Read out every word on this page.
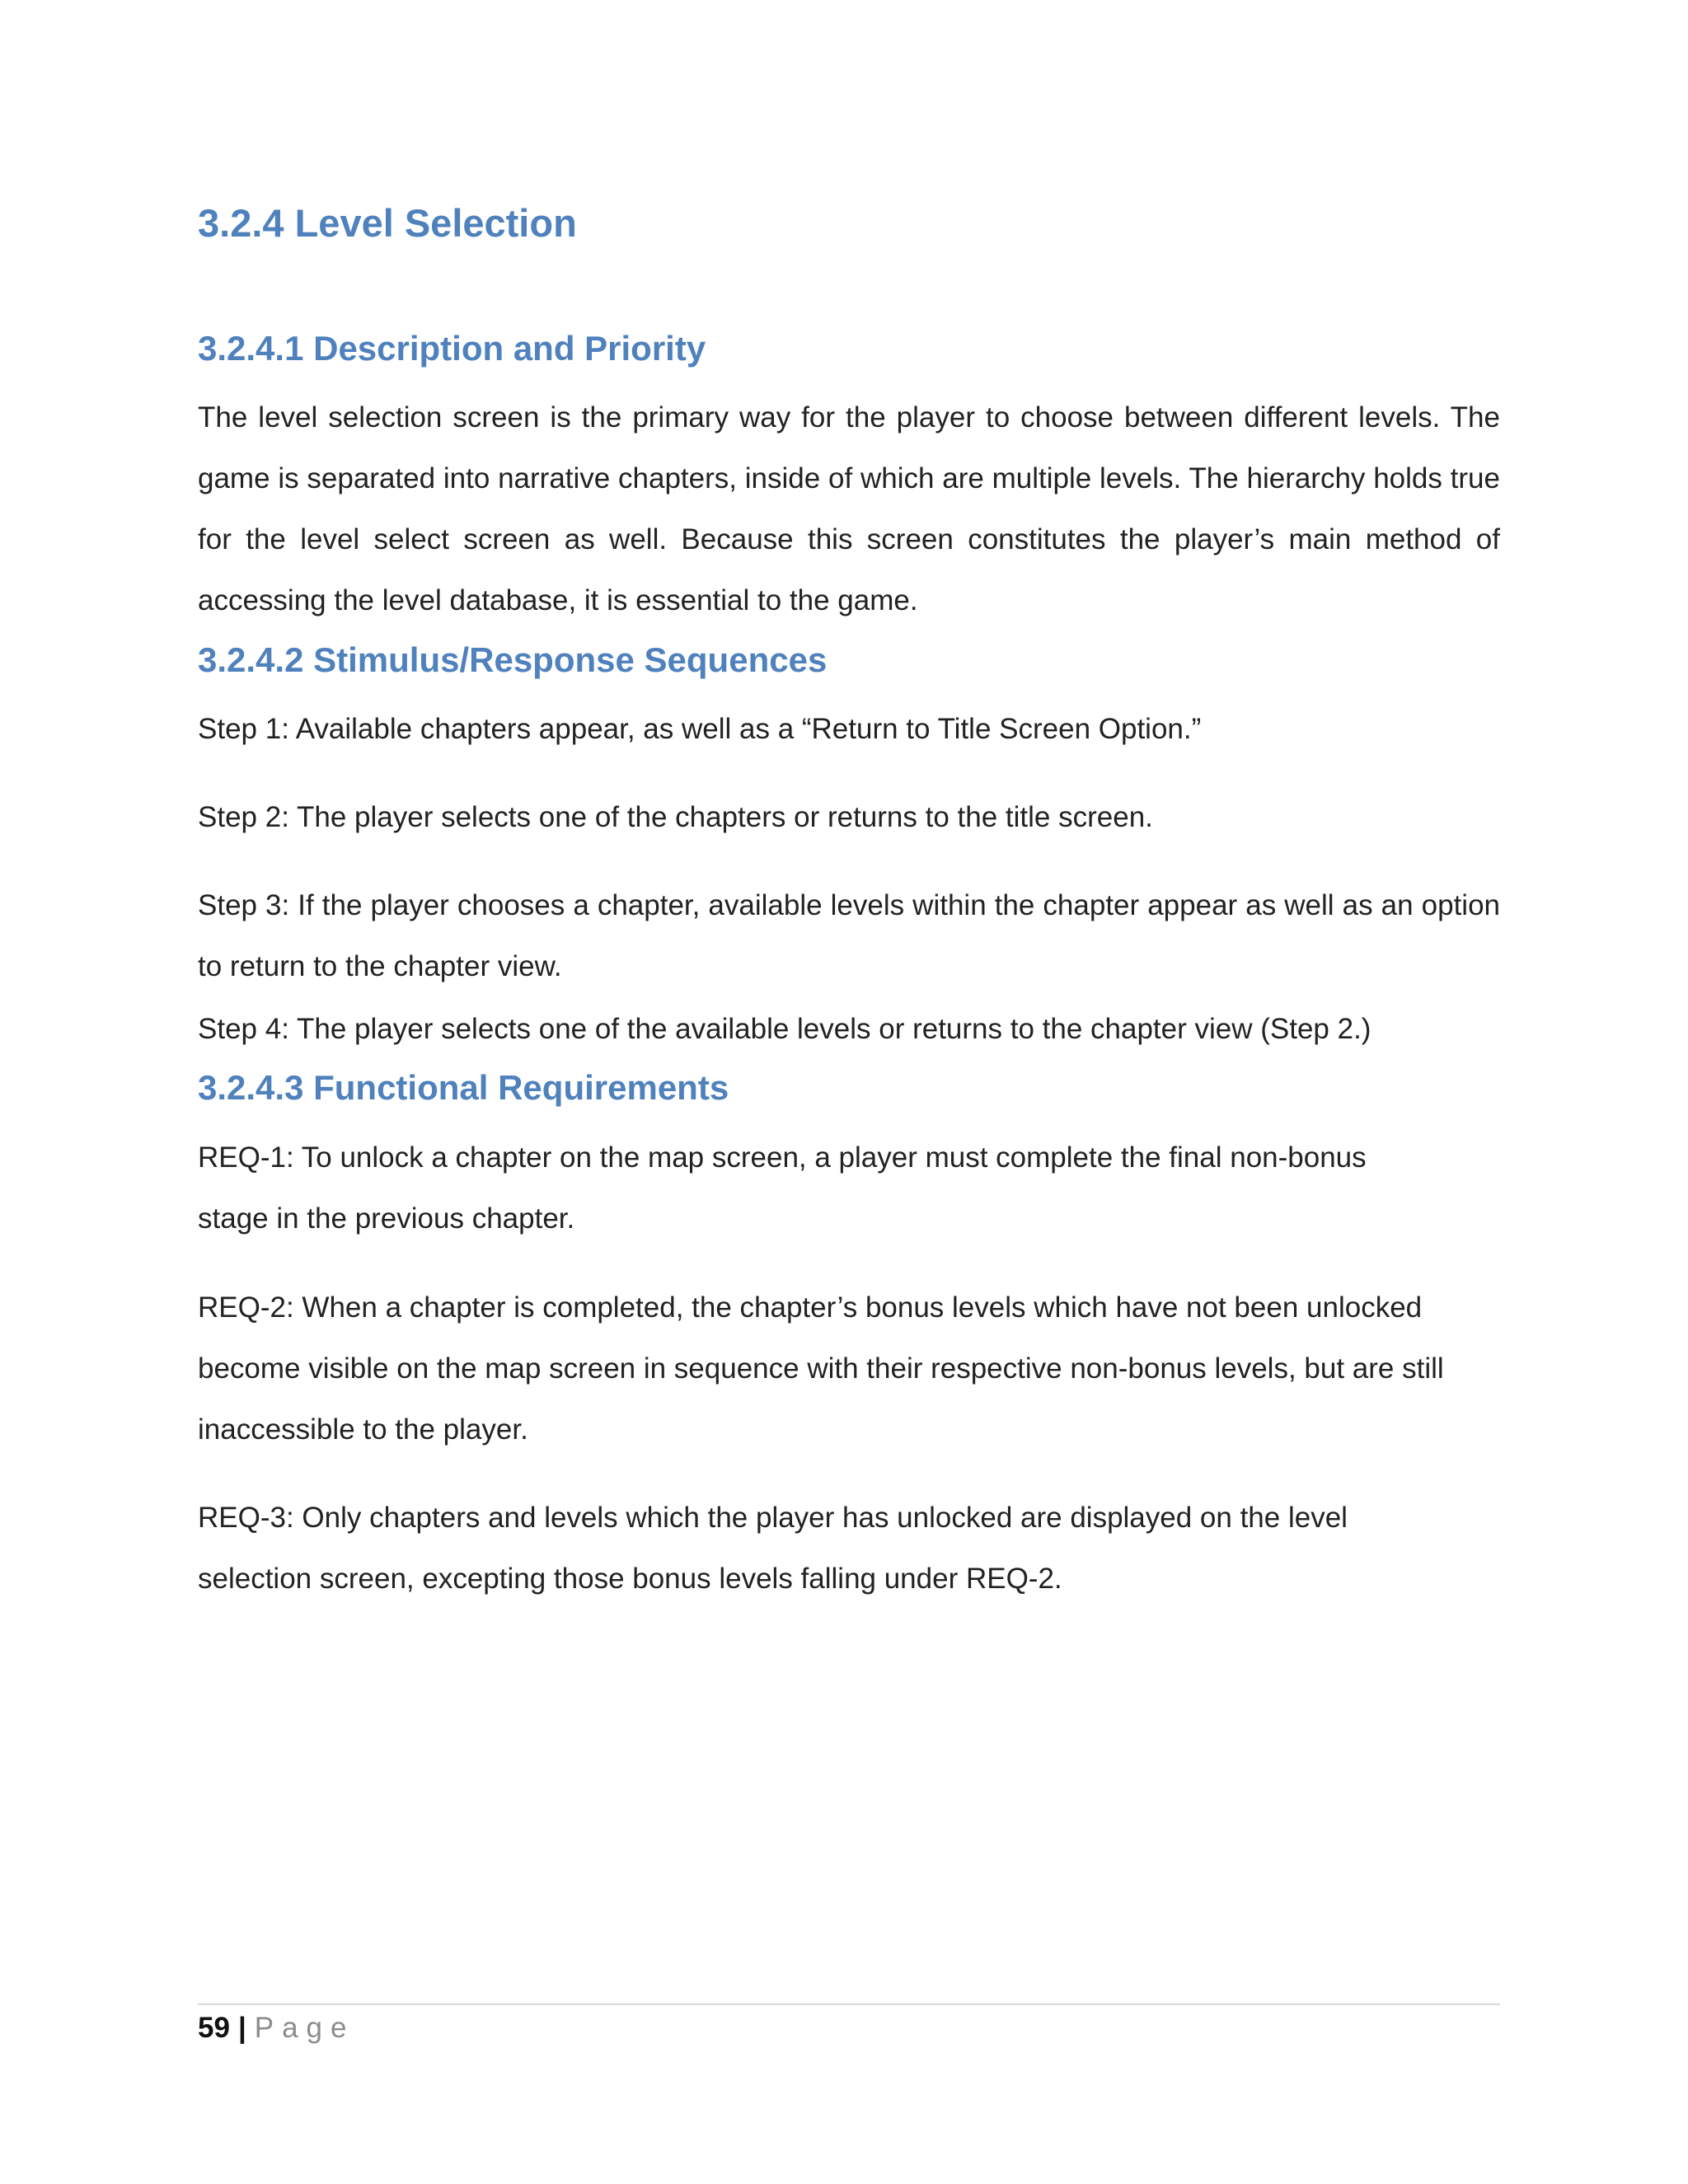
3.2.4 Level Selection
3.2.4.1 Description and Priority

The level selection screen is the primary way for the player to choose between different levels. The game is separated into narrative chapters, inside of which are multiple levels. The hierarchy holds true for the level select screen as well. Because this screen constitutes the player’s main method of accessing the level database, it is essential to the game.

3.2.4.2 Stimulus/Response Sequences

Step 1: Available chapters appear, as well as a “Return to Title Screen Option.”

Step 2: The player selects one of the chapters or returns to the title screen.

Step 3: If the player chooses a chapter, available levels within the chapter appear as well as an option to return to the chapter view.

Step 4: The player selects one of the available levels or returns to the chapter view (Step 2.)

3.2.4.3 Functional Requirements

REQ-1: To unlock a chapter on the map screen, a player must complete the final non-bonus stage in the previous chapter.

REQ-2: When a chapter is completed, the chapter’s bonus levels which have not been unlocked become visible on the map screen in sequence with their respective non-bonus levels, but are still inaccessible to the player.

REQ-3: Only chapters and levels which the player has unlocked are displayed on the level selection screen, excepting those bonus levels falling under REQ-2.

59 | Page
